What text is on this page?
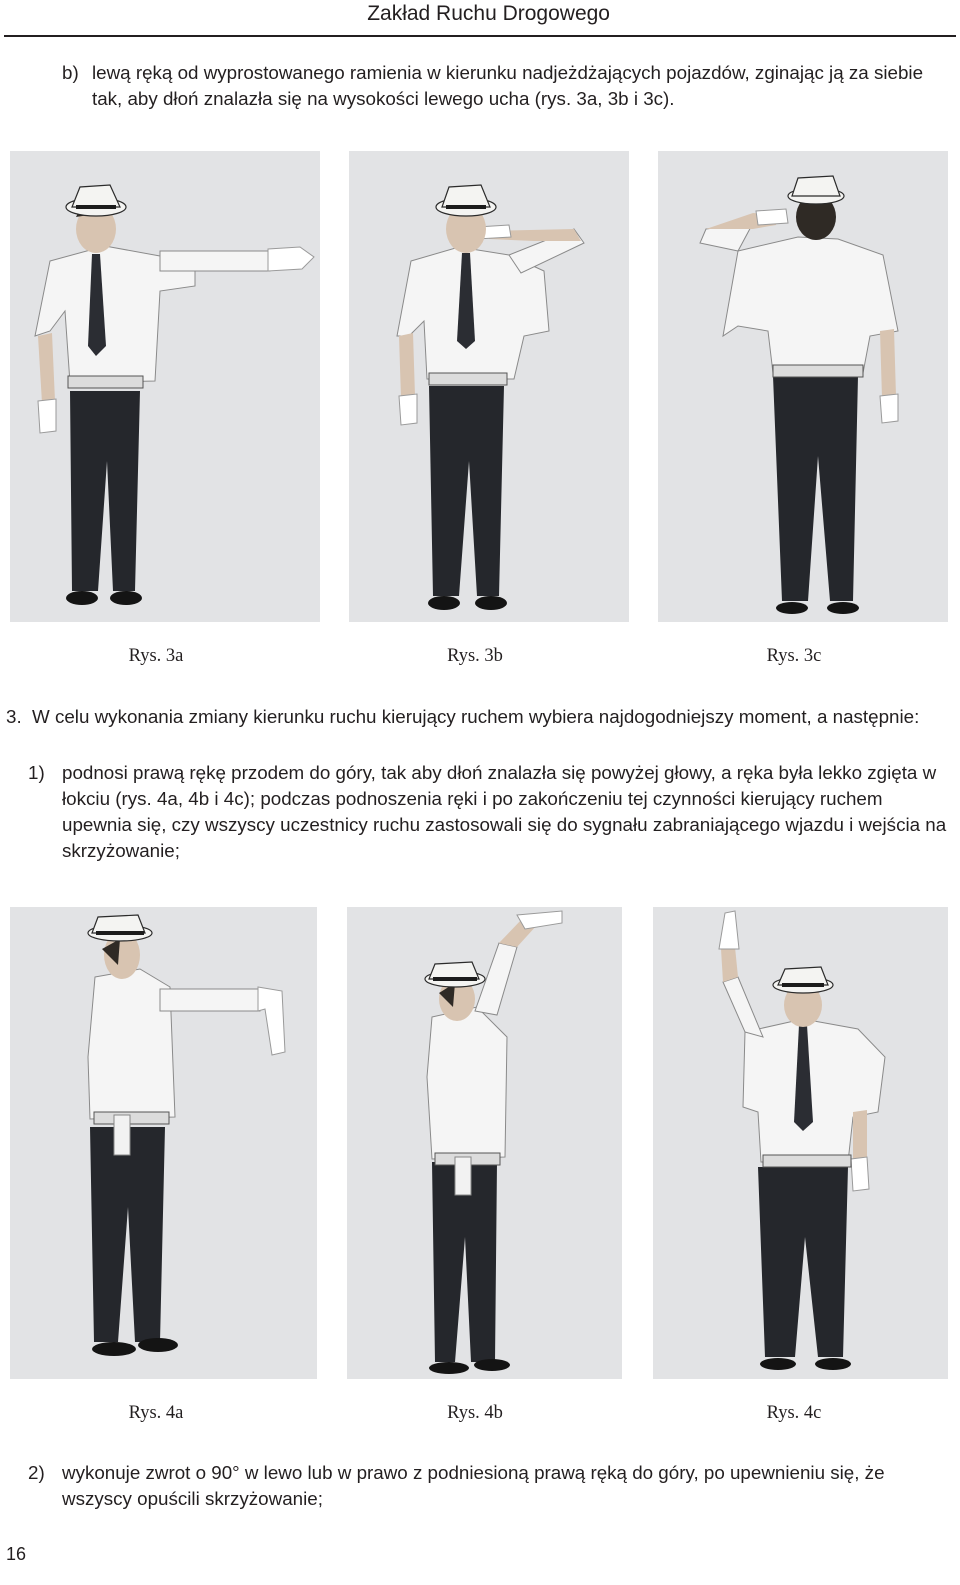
Zakład Ruchu Drogowego
b) lewą ręką od wyprostowanego ramienia w kierunku nadjeżdżających pojazdów, zginając ją za siebie tak, aby dłoń znalazła się na wysokości lewego ucha (rys. 3a, 3b i 3c).
Rys. 3a	Rys. 3b	Rys. 3c
3. W celu wykonania zmiany kierunku ruchu kierujący ruchem wybiera najdogodniejszy moment, a następnie:
1) podnosi prawą rękę przodem do góry, tak aby dłoń znalazła się powyżej głowy, a ręka była lekko zgięta w łokciu (rys. 4a, 4b i 4c); podczas podnoszenia ręki i po zakończeniu tej czynności kierujący ruchem upewnia się, czy wszyscy uczestnicy ruchu zastosowali się do sygnału zabraniającego wjazdu i wejścia na skrzyżowanie;
Rys. 4a	Rys. 4b	Rys. 4c
2) wykonuje zwrot o 90° w lewo lub w prawo z podniesioną prawą ręką do góry, po upewnieniu się, że wszyscy opuścili skrzyżowanie;
16
